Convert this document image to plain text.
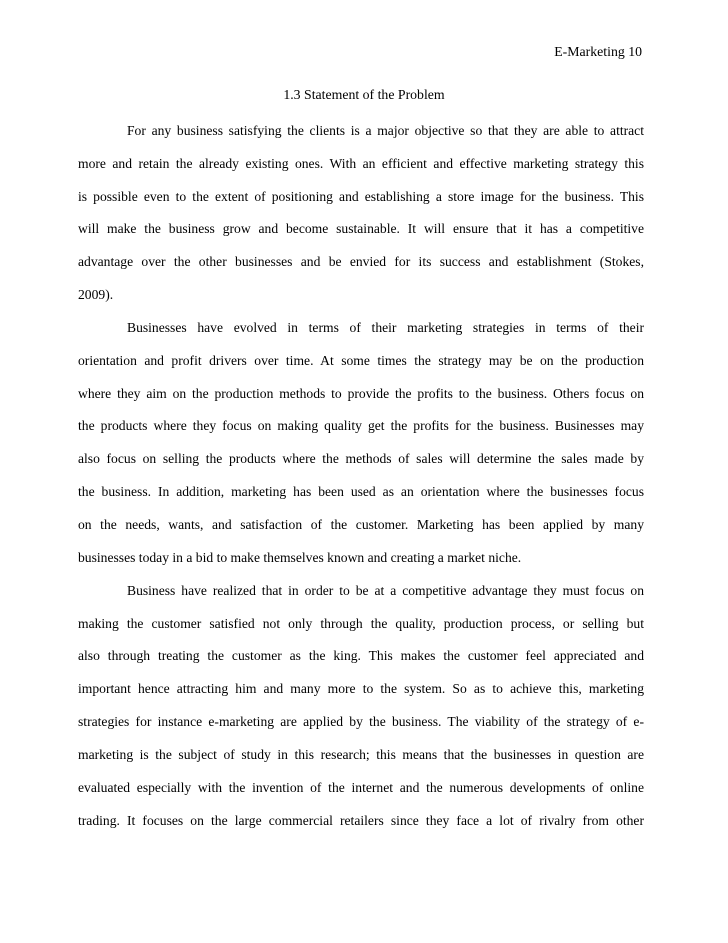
E-Marketing 10
1.3 Statement of the Problem
For any business satisfying the clients is a major objective so that they are able to attract
more and retain the already existing ones. With an efficient and effective marketing strategy this
is possible even to the extent of positioning and establishing a store image for the business. This
will make the business grow and become sustainable. It will ensure that it has a competitive
advantage over the other businesses and be envied for its success and establishment (Stokes,
2009).
Businesses have evolved in terms of their marketing strategies in terms of their
orientation and profit drivers over time. At some times the strategy may be on the production
where they aim on the production methods to provide the profits to the business. Others focus on
the products where they focus on making quality get the profits for the business. Businesses may
also focus on selling the products where the methods of sales will determine the sales made by
the business. In addition, marketing has been used as an orientation where the businesses focus
on the needs, wants, and satisfaction of the customer. Marketing has been applied by many
businesses today in a bid to make themselves known and creating a market niche.
Business have realized that in order to be at a competitive advantage they must focus on
making the customer satisfied not only through the quality, production process, or selling but
also through treating the customer as the king. This makes the customer feel appreciated and
important hence attracting him and many more to the system. So as to achieve this, marketing
strategies for instance e-marketing are applied by the business. The viability of the strategy of e-
marketing is the subject of study in this research; this means that the businesses in question are
evaluated especially with the invention of the internet and the numerous developments of online
trading. It focuses on the large commercial retailers since they face a lot of rivalry from other
